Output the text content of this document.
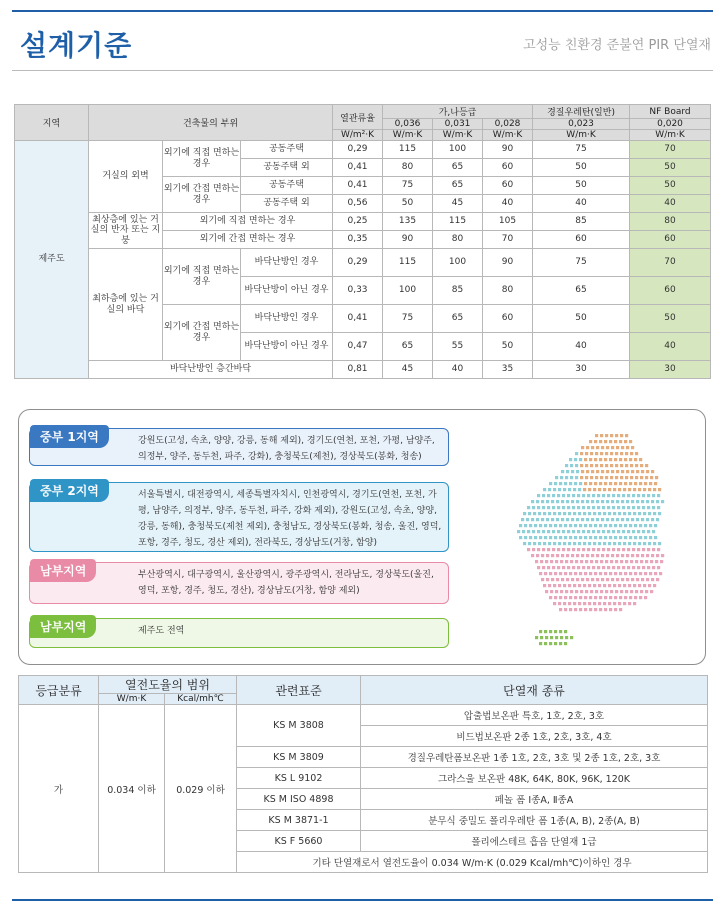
설계기준	고성능 친환경 준불연 PIR 단열재
지역	건축물의 부위			열관류율	가,나등급			경질우레탄(일반)	NF Board
					0,036	0,031	0,028	0,023	0,020
				W/m²·K	W/m·K	W/m·K	W/m·K	W/m·K	W/m·K
제주도	거실의 외벽	외기에 직접 면하는 경우	공동주택	0,29	115	100	90	75	70
			공동주택 외	0,41	80	65	60	50	50
		외기에 간접 면하는 경우	공동주택	0,41	75	65	60	50	50
			공동주택 외	0,56	50	45	40	40	40
	최상층에 있는 거실의 반자 또는 지붕	외기에 직접 면하는 경우		0,25	135	115	105	85	80
		외기에 간접 면하는 경우		0,35	90	80	70	60	60
	최하층에 있는 거실의 바닥	외기에 직접 면하는 경우	바닥난방인 경우	0,29	115	100	90	75	70
			바닥난방이 아닌 경우	0,33	100	85	80	65	60
		외기에 간접 면하는 경우	바닥난방인 경우	0,41	75	65	60	50	50
			바닥난방이 아닌 경우	0,47	65	55	50	40	40
	바닥난방인 층간바닥			0,81	45	40	35	30	30
중부 1지역	강원도(고성, 속초, 양양, 강릉, 동해 제외), 경기도(연천, 포천, 가평, 남양주, 의정부, 양주, 동두천, 파주, 강화), 충청북도(제천), 경상북도(봉화, 청송)
중부 2지역	서울특별시, 대전광역시, 세종특별자치시, 인천광역시, 경기도(연천, 포천, 가평, 남양주, 의정부, 양주, 동두천, 파주, 강화 제외), 강원도(고성, 속초, 양양, 강릉, 동해), 충청북도(제천 제외), 충청남도, 경상북도(봉화, 청송, 울진, 영덕, 포항, 경주, 청도, 경산 제외), 전라북도, 경상남도(거창, 함양)
남부지역	부산광역시, 대구광역시, 울산광역시, 광주광역시, 전라남도, 경상북도(울진, 영덕, 포항, 경주, 청도, 경산), 경상남도(거창, 함양 제외)
남부지역	제주도 전역
등급분류	열전도율의 범위		관련표준	단열재 종류
	W/m·K	Kcal/mh℃		
가	0.034 이하	0.029 이하	KS M 3808	압출법보온판 특호, 1호, 2호, 3호
				비드법보온판 2종 1호, 2호, 3호, 4호
			KS M 3809	경질우레탄폼보온판 1종 1호, 2호, 3호 및 2종 1호, 2호, 3호
			KS L 9102	그라스울 보온판 48K, 64K, 80K, 96K, 120K
			KS M ISO 4898	페놀 폼 Ⅰ종A, Ⅱ종A
			KS M 3871-1	분무식 중밀도 폴리우레탄 폼 1종(A, B), 2종(A, B)
			KS F 5660	폴리에스테르 흡음 단열재 1급
			기타 단열재로서 열전도율이 0.034 W/m·K (0.029 Kcal/mh℃)이하인 경우	
